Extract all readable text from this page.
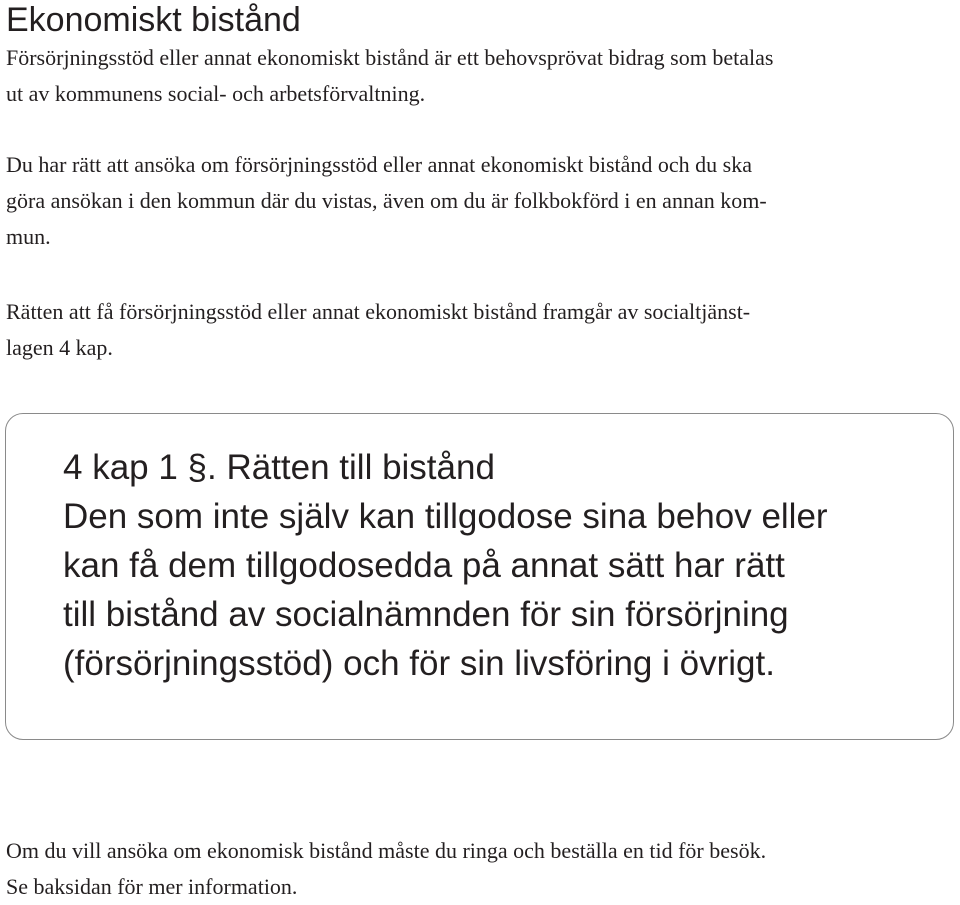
Ekonomiskt bistånd
Försörjningsstöd eller annat ekonomiskt bistånd är ett behovsprövat bidrag som betalas
ut av kommunens social- och arbetsförvaltning.
Du har rätt att ansöka om försörjningsstöd eller annat ekonomiskt bistånd och du ska
göra ansökan i den kommun där du vistas, även om du är folkbokförd i en annan kom-
mun.
Rätten att få försörjningsstöd eller annat ekonomiskt bistånd framgår av socialtjänst-
lagen 4 kap.
4 kap 1 §. Rätten till bistånd
Den som inte själv kan tillgodose sina behov eller
kan få dem tillgodosedda på annat sätt har rätt
till bistånd av socialnämnden för sin försörjning
(försörjningsstöd) och för sin livsföring i övrigt.
Om du vill ansöka om ekonomisk bistånd måste du ringa och beställa en tid för besök.
Se baksidan för mer information.
